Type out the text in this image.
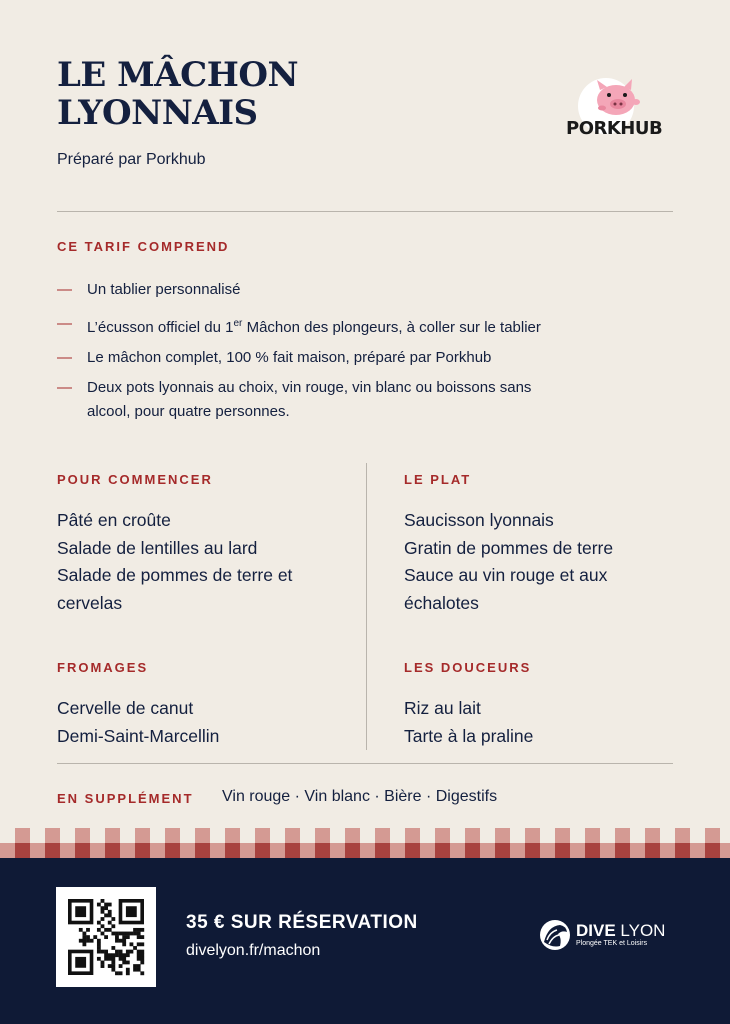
LE MÂCHON
LYONNAIS
Préparé par Porkhub
PORKHUB
CE TARIF COMPREND
— Un tablier personnalisé
— L’écusson officiel du 1er Mâchon des plongeurs, à coller sur le tablier
— Le mâchon complet, 100 % fait maison, préparé par Porkhub
— Deux pots lyonnais au choix, vin rouge, vin blanc ou boissons sans alcool, pour quatre personnes.
POUR COMMENCER
Pâté en croûte
Salade de lentilles au lard
Salade de pommes de terre et
cervelas
LE PLAT
Saucisson lyonnais
Gratin de pommes de terre
Sauce au vin rouge et aux
échalotes
FROMAGES
Cervelle de canut
Demi-Saint-Marcellin
LES DOUCEURS
Riz au lait
Tarte à la praline
EN SUPPLÉMENT Vin rouge · Vin blanc · Bière · Digestifs
35 € SUR RÉSERVATION
divelyon.fr/machon
DIVE LYON
Plongée TEK et Loisirs
